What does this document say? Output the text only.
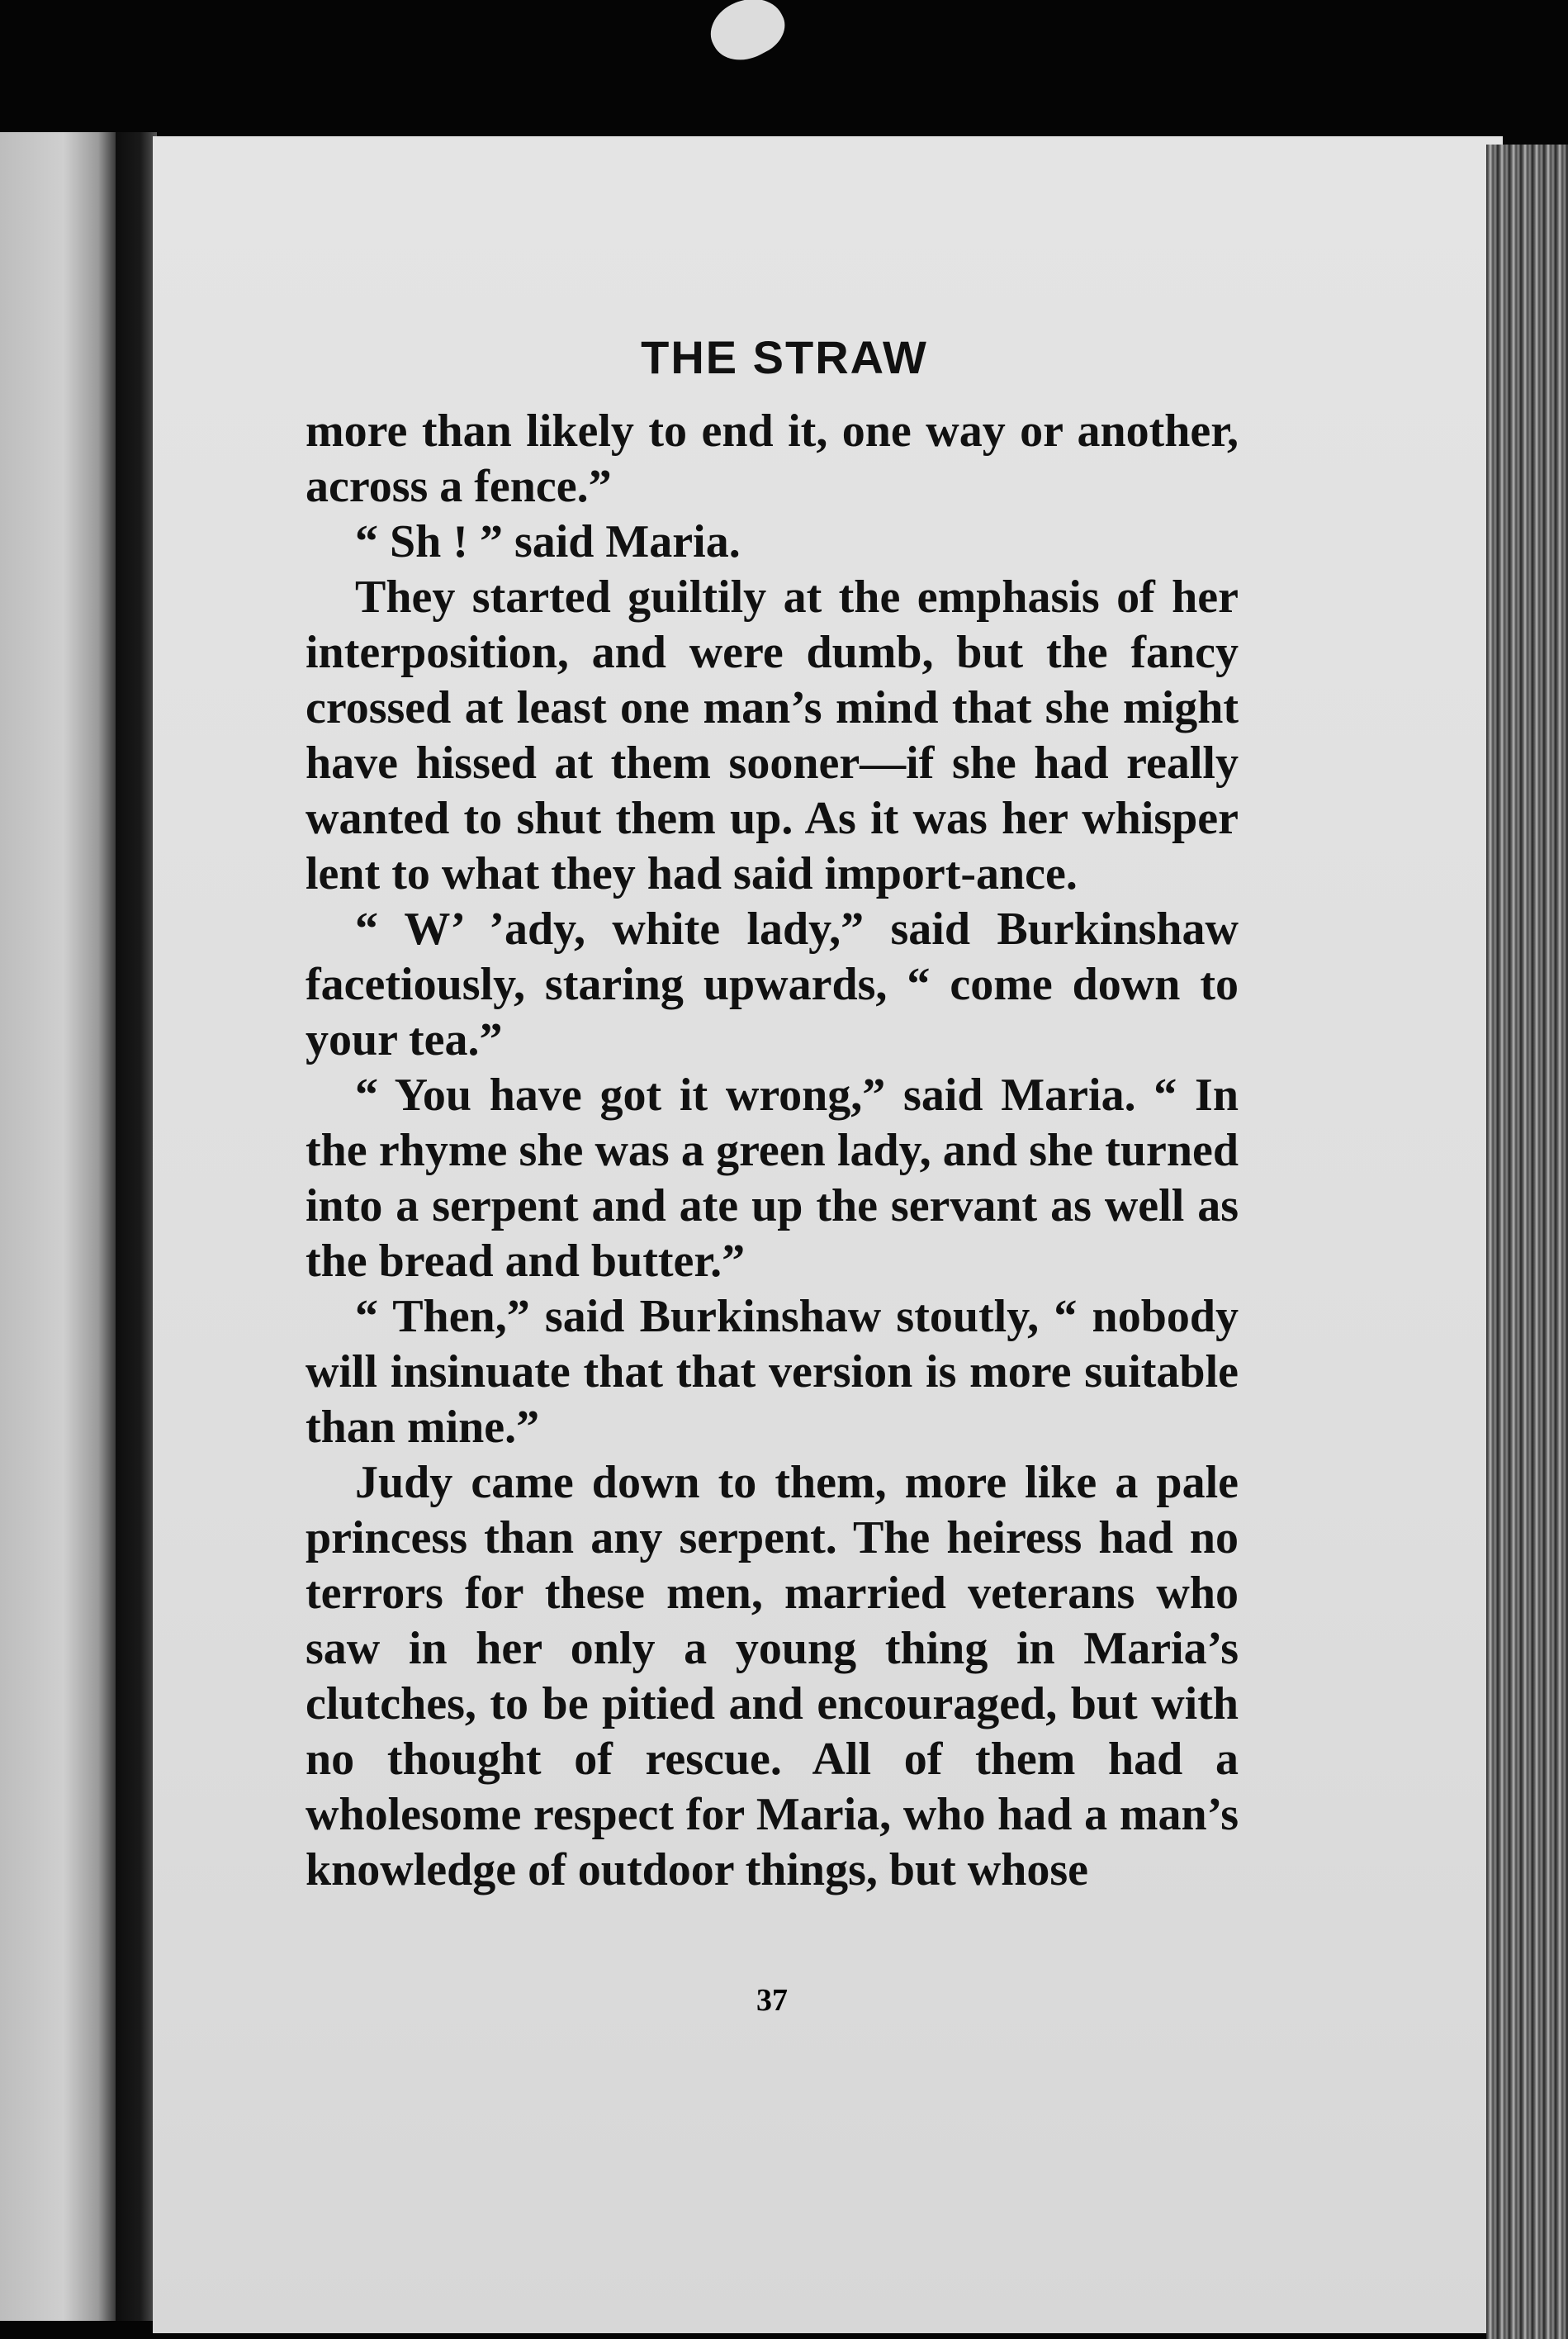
THE STRAW

more than likely to end it, one way or another, across a fence.”

“ Sh ! ” said Maria.

They started guiltily at the emphasis of her interposition, and were dumb, but the fancy crossed at least one man’s mind that she might have hissed at them sooner—if she had really wanted to shut them up. As it was her whisper lent to what they had said import-ance.

“ W’ ’ady, white lady,” said Burkinshaw facetiously, staring upwards, “ come down to your tea.”

“ You have got it wrong,” said Maria. “ In the rhyme she was a green lady, and she turned into a serpent and ate up the servant as well as the bread and butter.”

“ Then,” said Burkinshaw stoutly, “ nobody will insinuate that that version is more suitable than mine.”

Judy came down to them, more like a pale princess than any serpent. The heiress had no terrors for these men, married veterans who saw in her only a young thing in Maria’s clutches, to be pitied and encouraged, but with no thought of rescue. All of them had a wholesome respect for Maria, who had a man’s knowledge of outdoor things, but whose

37
